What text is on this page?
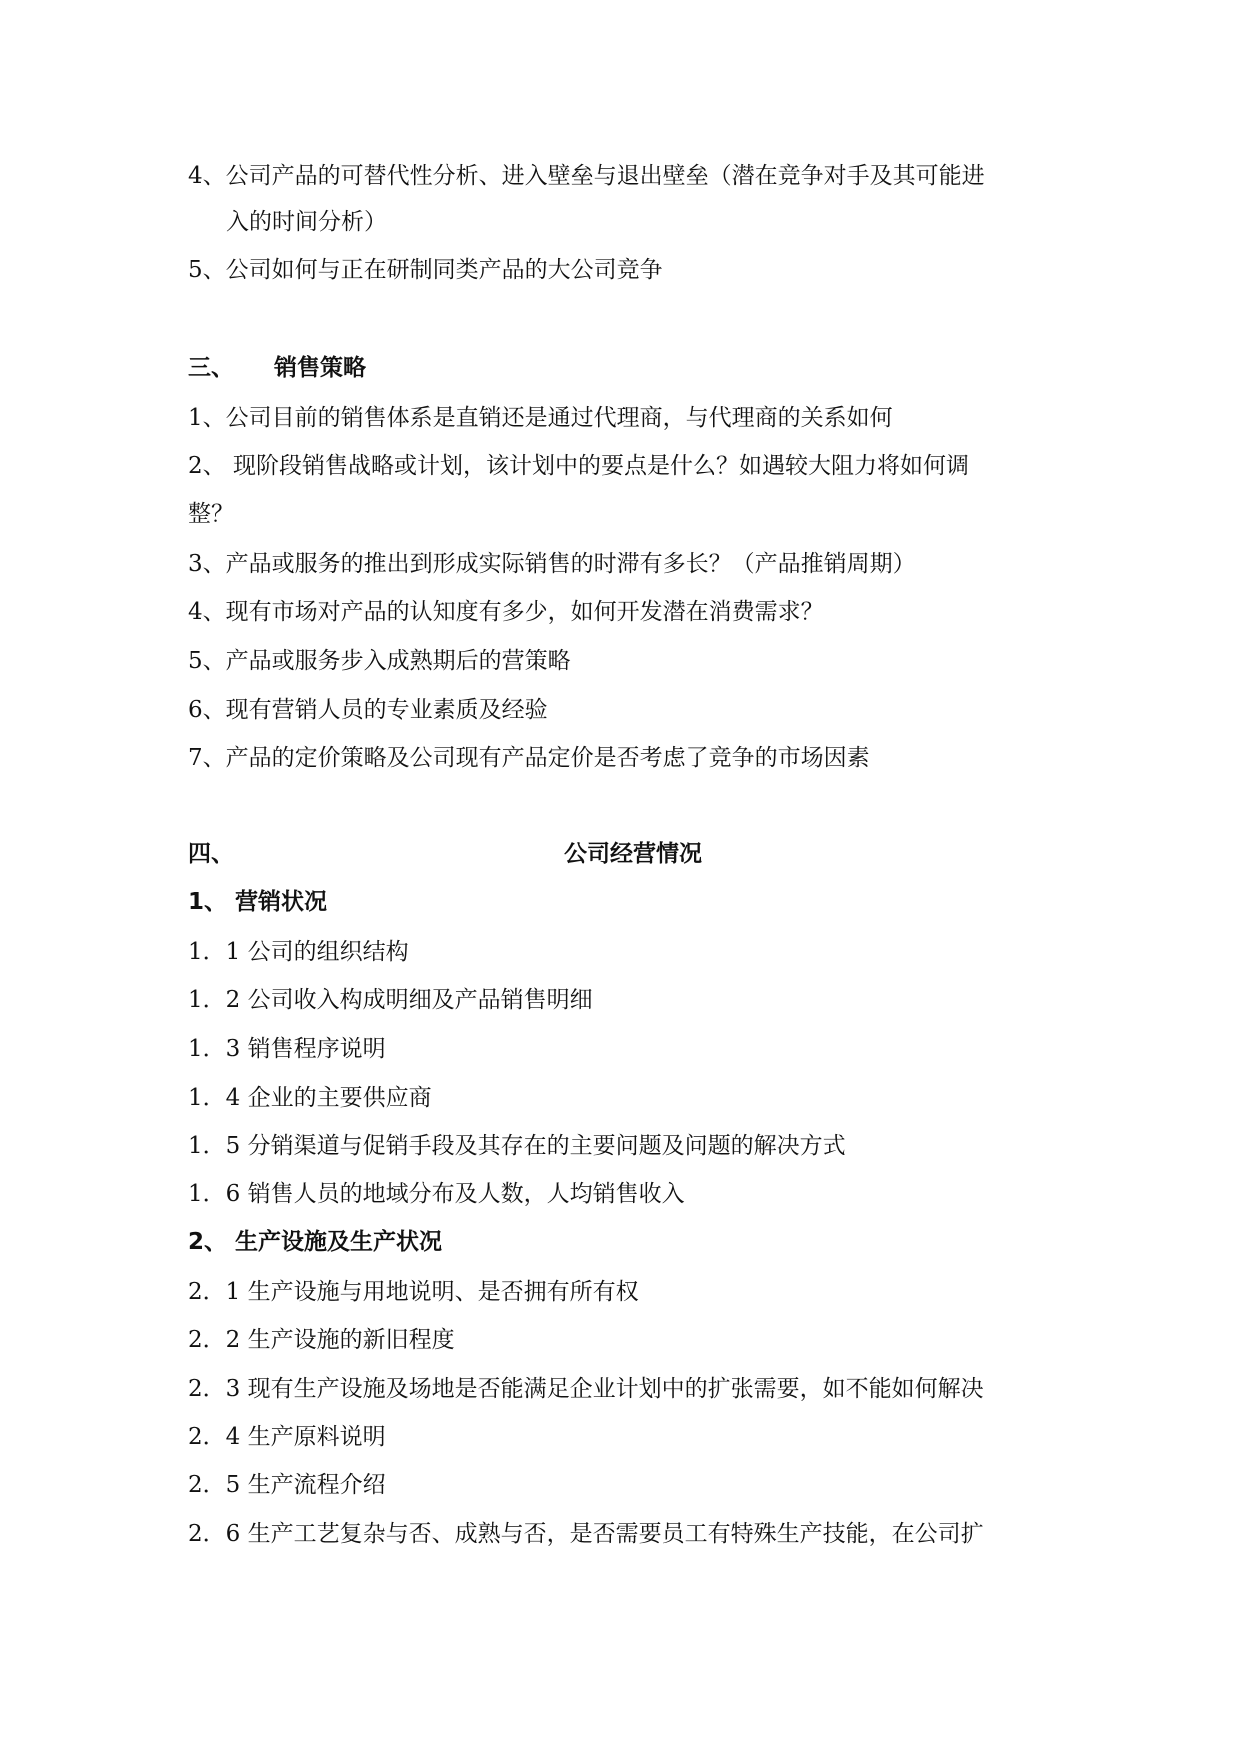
4、公司产品的可替代性分析、进入壁垒与退出壁垒（潜在竞争对手及其可能进
入的时间分析）
5、公司如何与正在研制同类产品的大公司竞争
三、 销售策略
1、公司目前的销售体系是直销还是通过代理商，与代理商的关系如何
2、 现阶段销售战略或计划，该计划中的要点是什么？如遇较大阻力将如何调
整？
3、产品或服务的推出到形成实际销售的时滞有多长？（产品推销周期）
4、现有市场对产品的认知度有多少，如何开发潜在消费需求？
5、产品或服务步入成熟期后的营策略
6、现有营销人员的专业素质及经验
7、产品的定价策略及公司现有产品定价是否考虑了竞争的市场因素
四、	公司经营情况
1、 营销状况
1．1 公司的组织结构
1．2 公司收入构成明细及产品销售明细
1．3 销售程序说明
1．4 企业的主要供应商
1．5 分销渠道与促销手段及其存在的主要问题及问题的解决方式
1．6 销售人员的地域分布及人数，人均销售收入
2、 生产设施及生产状况
2．1 生产设施与用地说明、是否拥有所有权
2．2 生产设施的新旧程度
2．3 现有生产设施及场地是否能满足企业计划中的扩张需要，如不能如何解决
2．4 生产原料说明
2．5 生产流程介绍
2．6 生产工艺复杂与否、成熟与否，是否需要员工有特殊生产技能，在公司扩
